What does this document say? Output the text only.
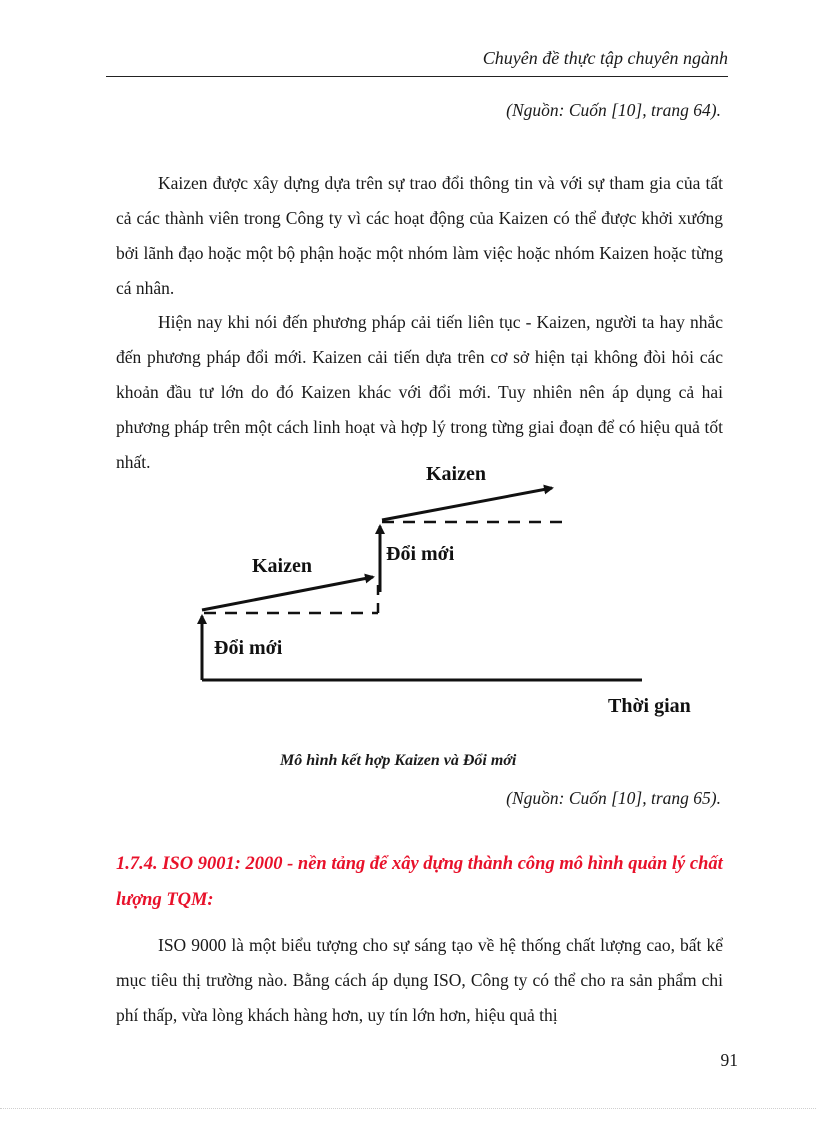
Chuyên đề thực tập chuyên ngành
(Nguồn: Cuốn [10], trang 64).

Kaizen được xây dựng dựa trên sự trao đổi thông tin và với sự tham gia của tất cả các thành viên trong Công ty vì các hoạt động của Kaizen có thể được khởi xướng bởi lãnh đạo hoặc một bộ phận hoặc một nhóm làm việc hoặc nhóm Kaizen hoặc từng cá nhân.

Hiện nay khi nói đến phương pháp cải tiến liên tục - Kaizen, người ta hay nhắc đến phương pháp đổi mới. Kaizen cải tiến dựa trên cơ sở hiện tại không đòi hỏi các khoản đầu tư lớn do đó Kaizen khác với đổi mới. Tuy nhiên nên áp dụng cả hai phương pháp trên một cách linh hoạt và hợp lý trong từng giai đoạn để có hiệu quả tốt nhất.

Kaizen
Kaizen
Đổi mới
Đổi mới
Thời gian
Mô hình kết hợp Kaizen và Đổi mới
(Nguồn: Cuốn [10], trang 65).
1.7.4. ISO 9001: 2000 - nền tảng để xây dựng thành công mô hình quản lý chất lượng TQM:

ISO 9000 là một biểu tượng cho sự sáng tạo về hệ thống chất lượng cao, bất kể mục tiêu thị trường nào. Bằng cách áp dụng ISO, Công ty có thể cho ra sản phẩm chi phí thấp, vừa lòng khách hàng hơn, uy tín lớn hơn, hiệu quả thị

91
